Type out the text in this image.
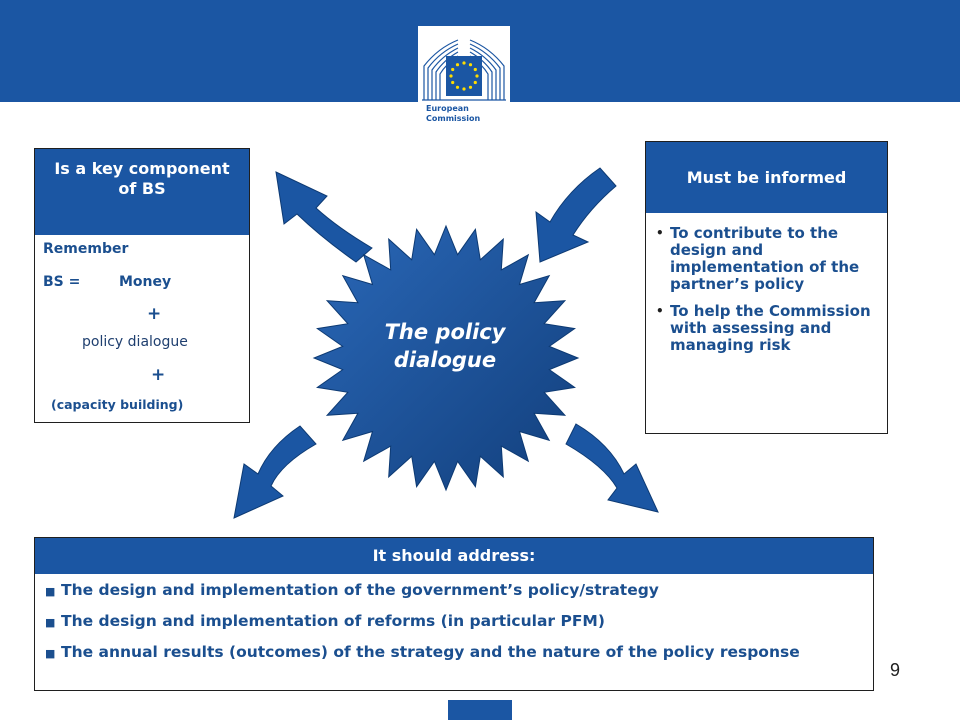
European
Commission
The policy dialogue
Is a key component of BS
Remember
BS =	Money
+
policy dialogue
+
(capacity building)
Must be informed
• To contribute to the design and implementation of the partner’s policy
• To help the Commission with assessing and managing risk
It should address:
■ The design and implementation of the government’s policy/strategy
■ The design and implementation of reforms (in particular PFM)
■ The annual results (outcomes) of the strategy and the nature of the policy response
9
